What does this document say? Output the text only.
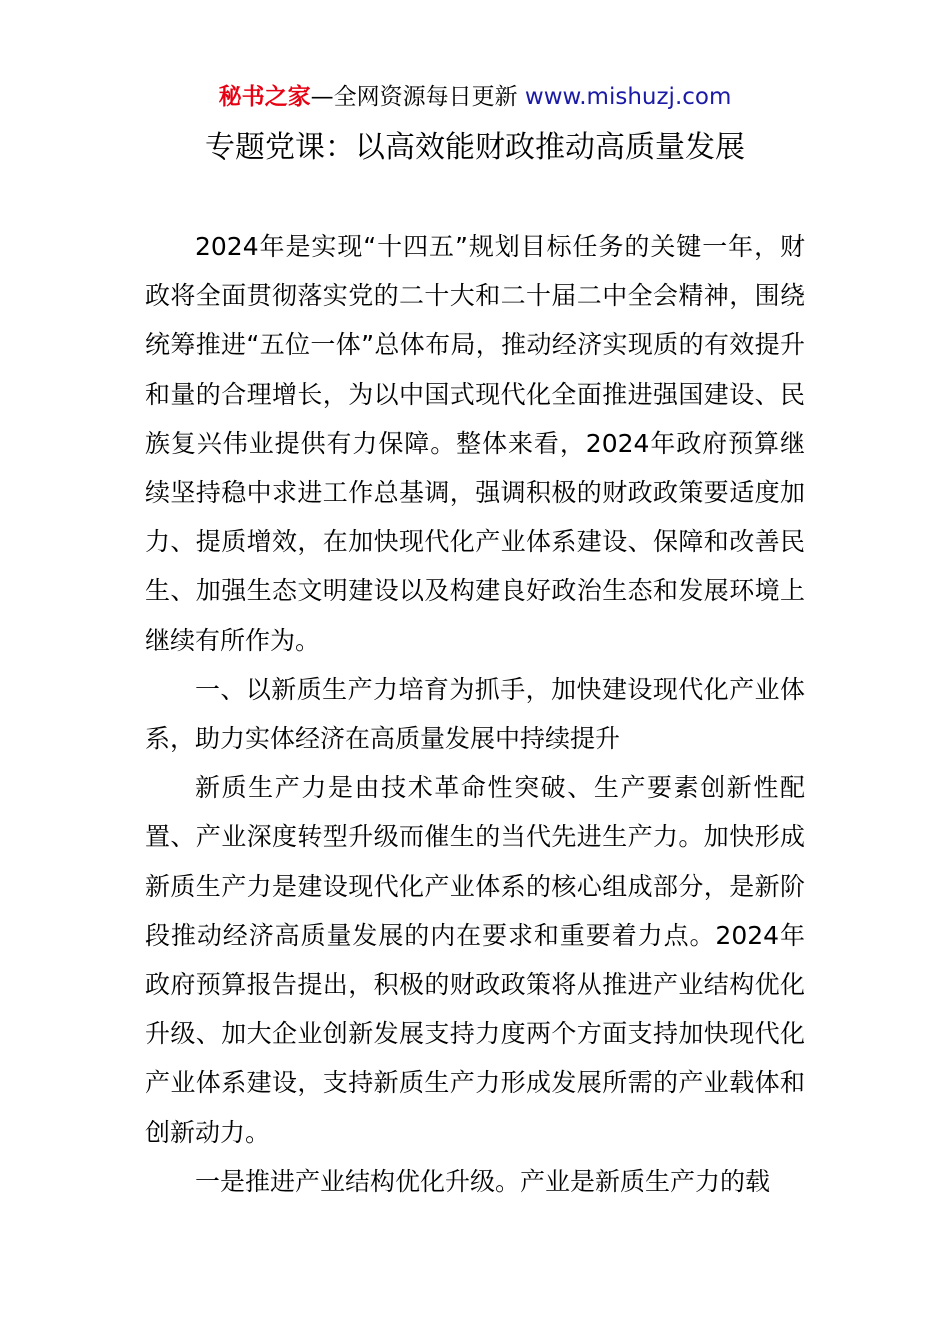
秘书之家—全网资源每日更新 www.mishuzj.com
专题党课：以高效能财政推动高质量发展

2024年是实现“十四五”规划目标任务的关键一年，财政将全面贯彻落实党的二十大和二十届二中全会精神，围绕统筹推进“五位一体”总体布局，推动经济实现质的有效提升和量的合理增长，为以中国式现代化全面推进强国建设、民族复兴伟业提供有力保障。整体来看，2024年政府预算继续坚持稳中求进工作总基调，强调积极的财政政策要适度加力、提质增效，在加快现代化产业体系建设、保障和改善民生、加强生态文明建设以及构建良好政治生态和发展环境上继续有所作为。

一、以新质生产力培育为抓手，加快建设现代化产业体系，助力实体经济在高质量发展中持续提升

新质生产力是由技术革命性突破、生产要素创新性配置、产业深度转型升级而催生的当代先进生产力。加快形成新质生产力是建设现代化产业体系的核心组成部分，是新阶段推动经济高质量发展的内在要求和重要着力点。2024年政府预算报告提出，积极的财政政策将从推进产业结构优化升级、加大企业创新发展支持力度两个方面支持加快现代化产业体系建设，支持新质生产力形成发展所需的产业载体和创新动力。

一是推进产业结构优化升级。产业是新质生产力的载
